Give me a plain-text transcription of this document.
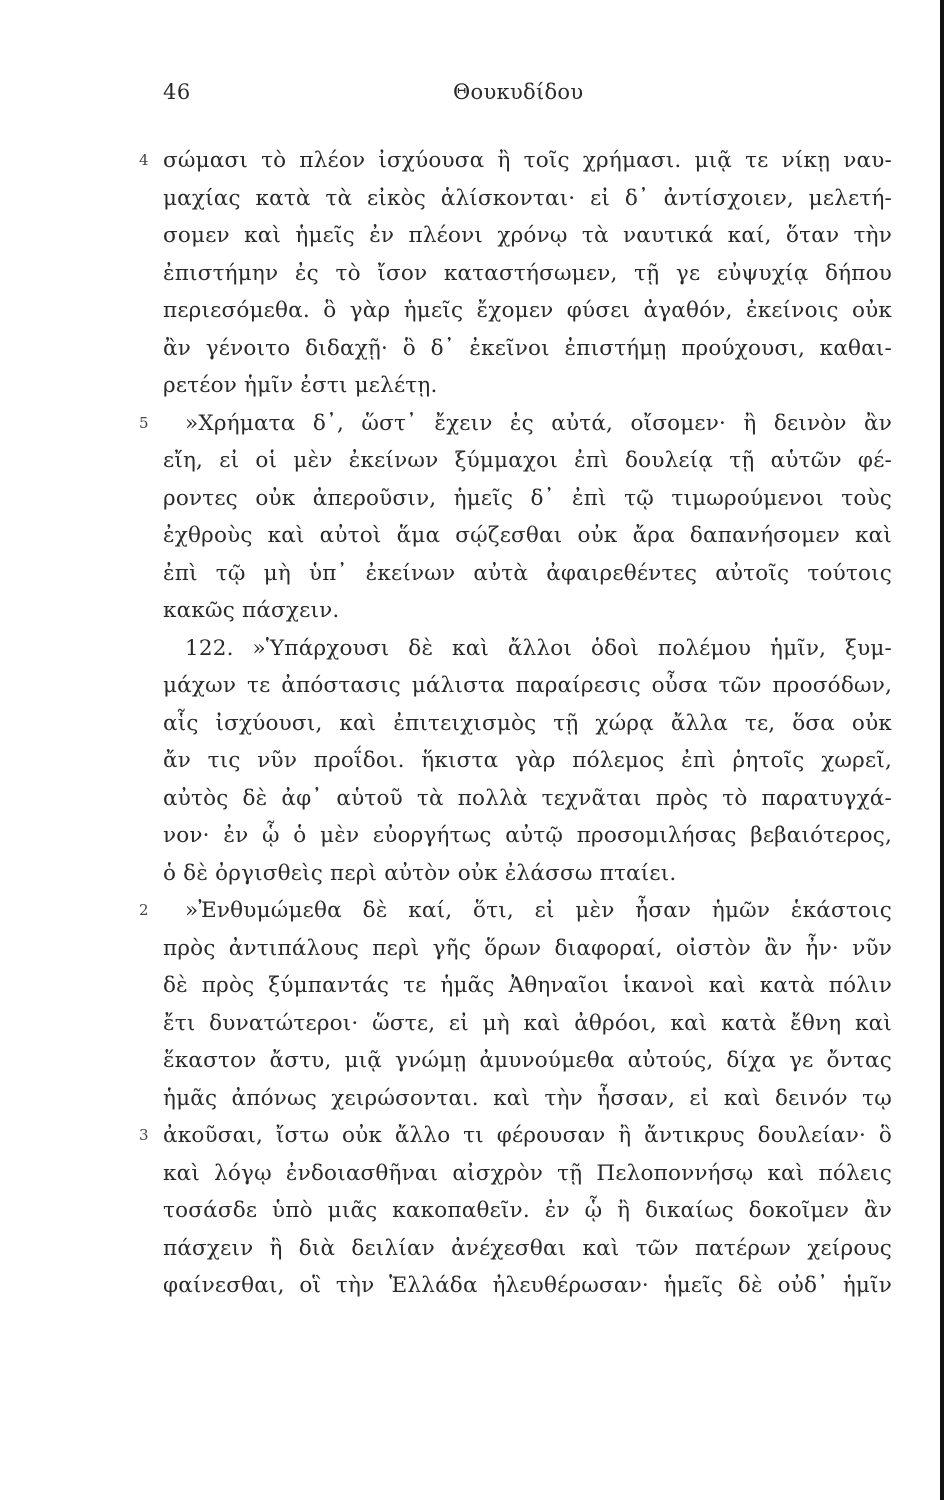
46	Θουκυδίδου
4 σώμασι τὸ πλέον ἰσχύουσα ἢ τοῖς χρήμασι. μιᾷ τε νίκῃ ναυ-
μαχίας κατὰ τὰ εἰκὸς ἁλίσκονται· εἰ δ᾽ ἀντίσχοιεν, μελετή-
σομεν καὶ ἡμεῖς ἐν πλέονι χρόνῳ τὰ ναυτικά καί, ὅταν τὴν
ἐπιστήμην ἐς τὸ ἴσον καταστήσωμεν, τῇ γε εὐψυχίᾳ δήπου
περιεσόμεθα. ὃ γὰρ ἡμεῖς ἔχομεν φύσει ἀγαθόν, ἐκείνοις οὐκ
ἂν γένοιτο διδαχῇ· ὃ δ᾽ ἐκεῖνοι ἐπιστήμῃ προύχουσι, καθαι-
ρετέον ἡμῖν ἐστι μελέτῃ.
5	»Χρήματα δ᾽, ὥστ᾽ ἔχειν ἐς αὐτά, οἴσομεν· ἢ δεινὸν ἂν
εἴη, εἰ οἱ μὲν ἐκείνων ξύμμαχοι ἐπὶ δουλείᾳ τῇ αὑτῶν φέ-
ροντες οὐκ ἀπεροῦσιν, ἡμεῖς δ᾽ ἐπὶ τῷ τιμωρούμενοι τοὺς
ἐχθροὺς καὶ αὐτοὶ ἅμα σῴζεσθαι οὐκ ἄρα δαπανήσομεν καὶ
ἐπὶ τῷ μὴ ὑπ᾽ ἐκείνων αὐτὰ ἀφαιρεθέντες αὐτοῖς τούτοις
κακῶς πάσχειν.
122. »Ὑπάρχουσι δὲ καὶ ἄλλοι ὁδοὶ πολέμου ἡμῖν, ξυμ-
μάχων τε ἀπόστασις μάλιστα παραίρεσις οὖσα τῶν προσόδων,
αἷς ἰσχύουσι, καὶ ἐπιτειχισμὸς τῇ χώρᾳ ἄλλα τε, ὅσα οὐκ
ἄν τις νῦν προΐδοι. ἥκιστα γὰρ πόλεμος ἐπὶ ῥητοῖς χωρεῖ,
αὐτὸς δὲ ἀφ᾽ αὑτοῦ τὰ πολλὰ τεχνᾶται πρὸς τὸ παρατυγχά-
νον· ἐν ᾧ ὁ μὲν εὐοργήτως αὐτῷ προσομιλήσας βεβαιότερος,
ὁ δὲ ὀργισθεὶς περὶ αὐτὸν οὐκ ἐλάσσω πταίει.
2	»Ἐνθυμώμεθα δὲ καί, ὅτι, εἰ μὲν ἦσαν ἡμῶν ἑκάστοις
πρὸς ἀντιπάλους περὶ γῆς ὅρων διαφοραί, οἰστὸν ἂν ἦν· νῦν
δὲ πρὸς ξύμπαντάς τε ἡμᾶς Ἀθηναῖοι ἱκανοὶ καὶ κατὰ πόλιν
ἔτι δυνατώτεροι· ὥστε, εἰ μὴ καὶ ἀθρόοι, καὶ κατὰ ἔθνη καὶ
ἕκαστον ἄστυ, μιᾷ γνώμῃ ἀμυνούμεθα αὐτούς, δίχα γε ὄντας
ἡμᾶς ἀπόνως χειρώσονται. καὶ τὴν ἧσσαν, εἰ καὶ δεινόν τῳ
3 ἀκοῦσαι, ἴστω οὐκ ἄλλο τι φέρουσαν ἢ ἄντικρυς δουλείαν· ὃ
καὶ λόγῳ ἐνδοιασθῆναι αἰσχρὸν τῇ Πελοποννήσῳ καὶ πόλεις
τοσάσδε ὑπὸ μιᾶς κακοπαθεῖν. ἐν ᾧ ἢ δικαίως δοκοῖμεν ἂν
πάσχειν ἢ διὰ δειλίαν ἀνέχεσθαι καὶ τῶν πατέρων χείρους
φαίνεσθαι, οἳ τὴν Ἑλλάδα ἠλευθέρωσαν· ἡμεῖς δὲ οὐδ᾽ ἡμῖν
